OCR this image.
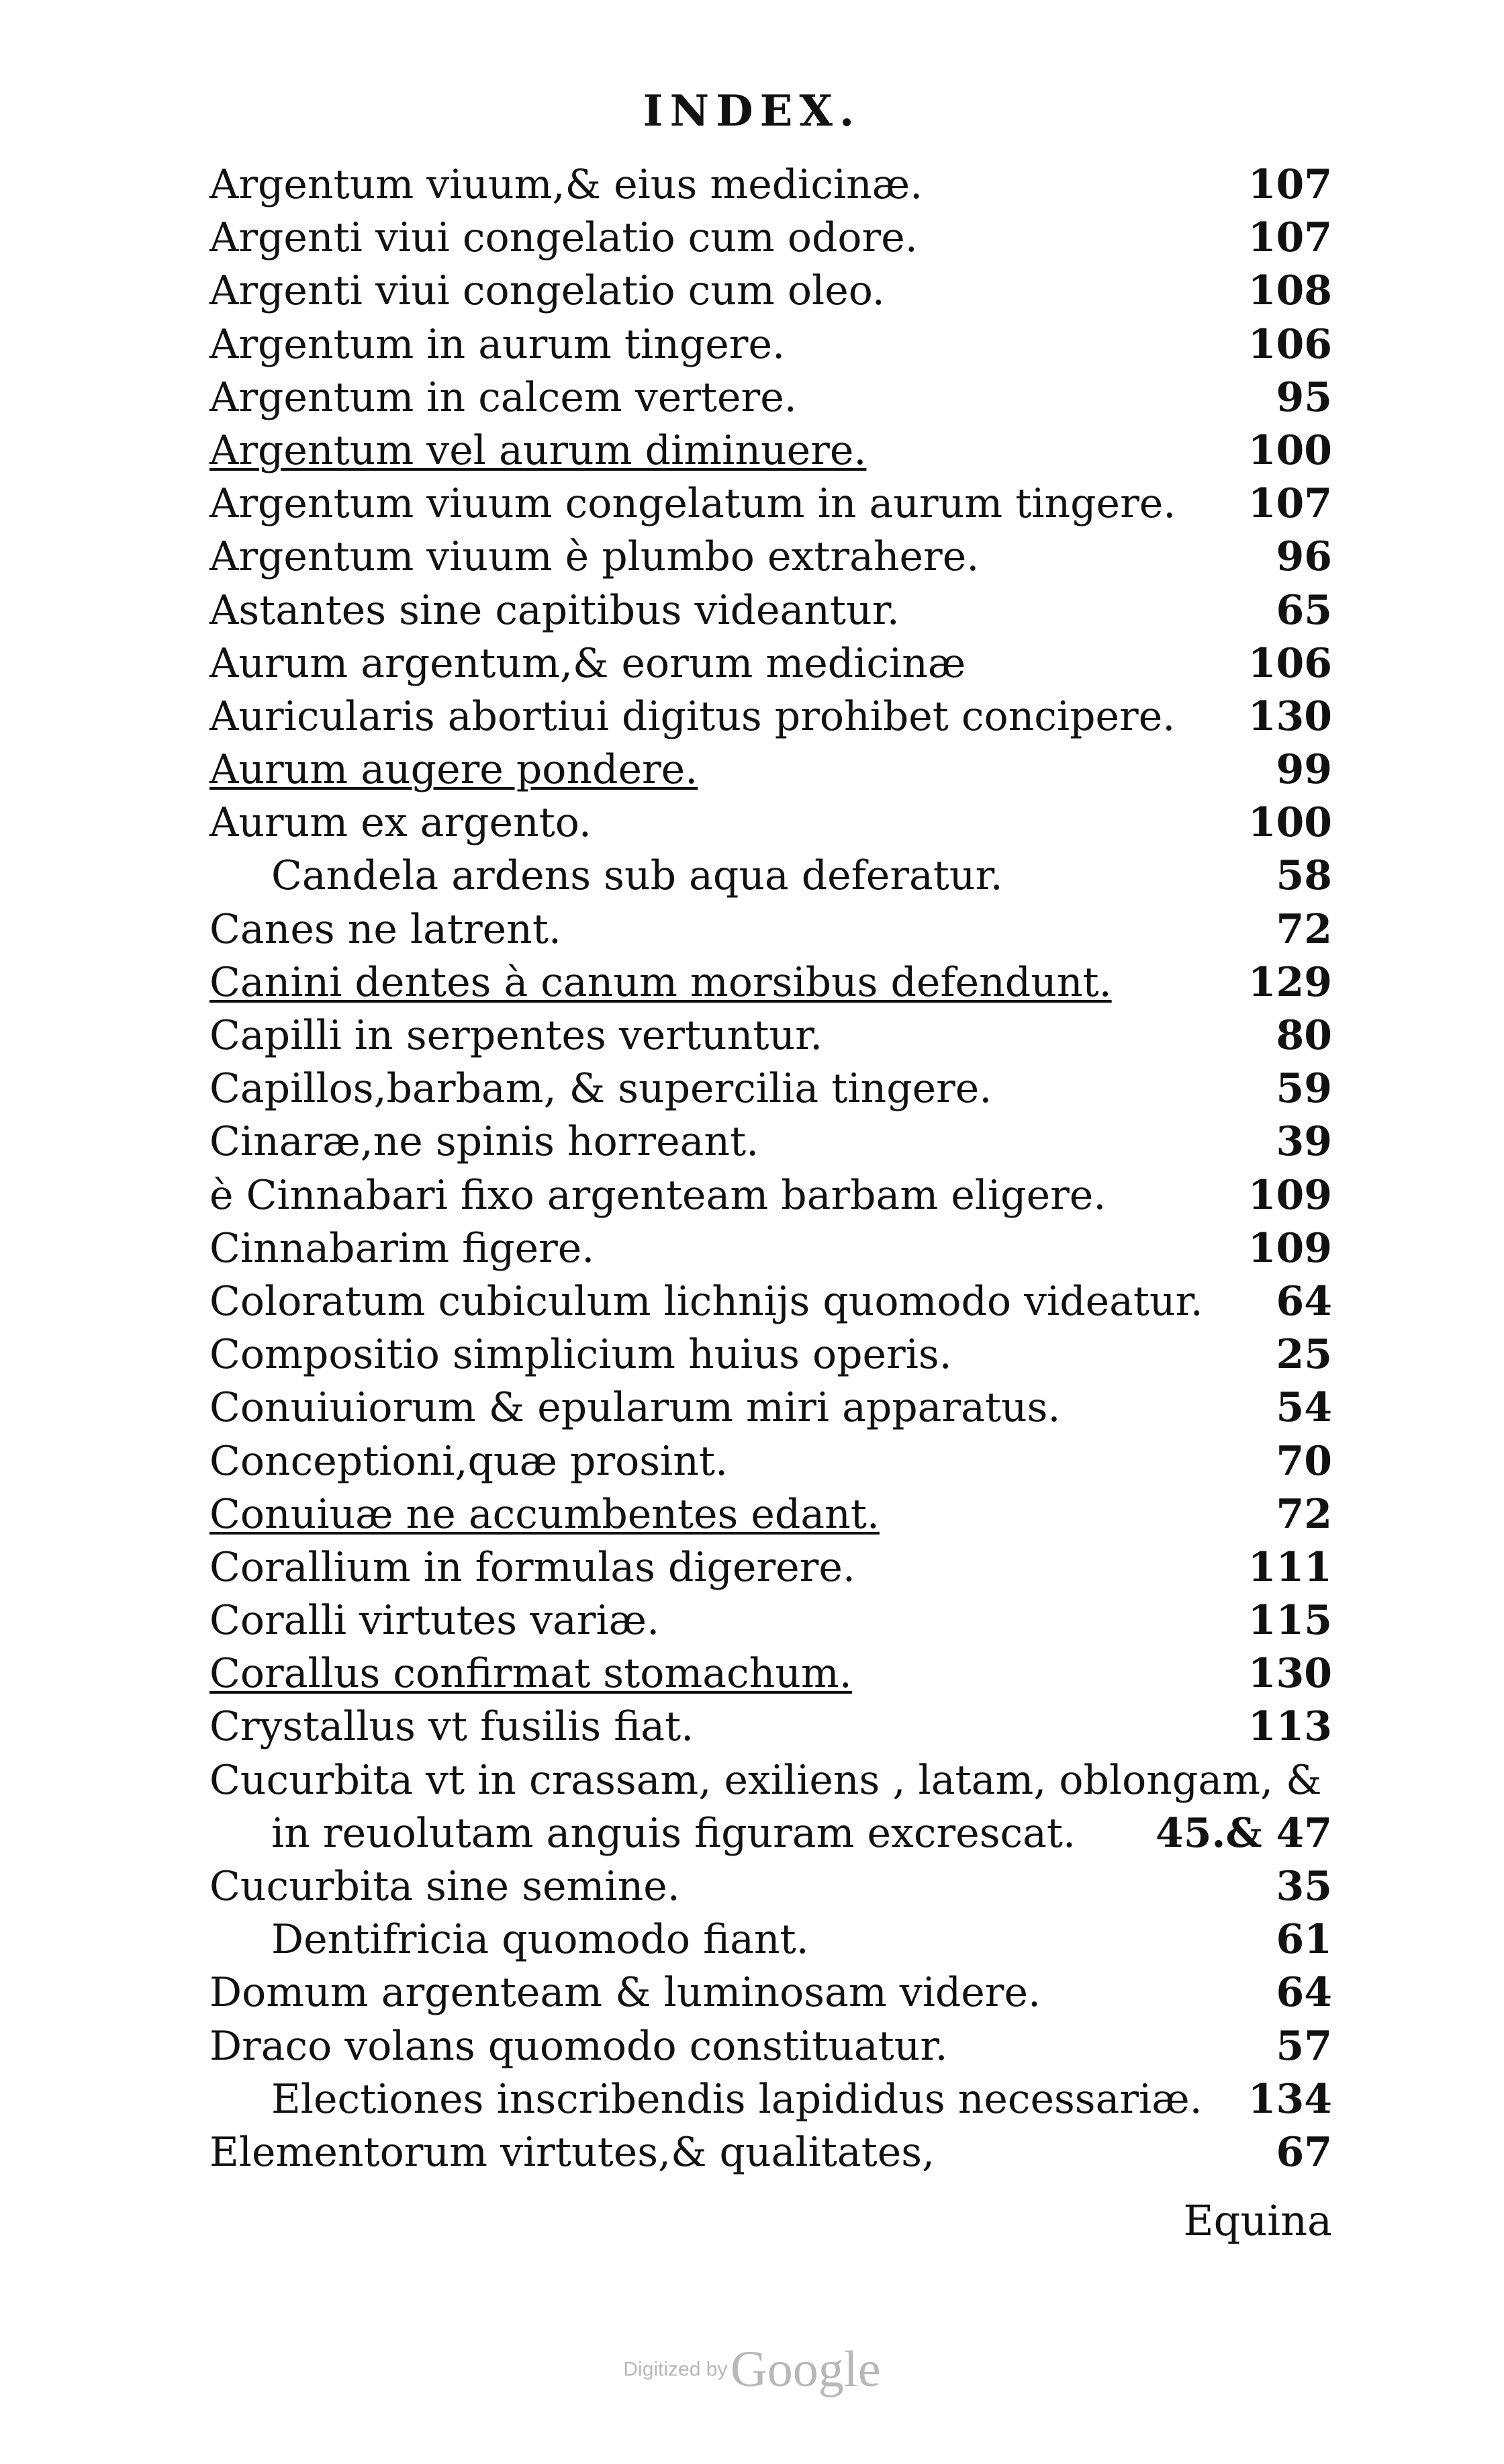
INDEX.
Argentum viuum,& eius medicinæ.	107
Argenti viui congelatio cum odore.	107
Argenti viui congelatio cum oleo.	108
Argentum in aurum tingere.	106
Argentum in calcem vertere.	95
Argentum vel aurum diminuere.	100
Argentum viuum congelatum in aurum tingere. 107
Argentum viuum è plumbo extrahere.	96
Astantes sine capitibus videantur.	65
Aurum argentum,& eorum medicinæ	106
Auricularis abortiui digitus prohibet concipere. 130
Aurum augere pondere.	99
Aurum ex argento.	100
Candela ardens sub aqua deferatur.	58
Canes ne latrent.	72
Canini dentes à canum morsibus defendunt.	129
Capilli in serpentes vertuntur.	80
Capillos,barbam, & supercilia tingere.	59
Cinaræ,ne spinis horreant.	39
è Cinnabari fixo argenteam barbam eligere.	109
Cinnabarim figere.	109
Coloratum cubiculum lichnijs quomodo videatur. 64
Compositio simplicium huius operis.	25
Conuiuiorum & epularum miri apparatus.	54
Conceptioni,quæ prosint.	70
Conuiuæ ne accumbentes edant.	72
Corallium in formulas digerere.	111
Coralli virtutes variæ.	115
Corallus confirmat stomachum.	130
Crystallus vt fusilis fiat.	113
Cucurbita vt in crassam, exiliens , latam, oblongam, &
in reuolutam anguis figuram excrescat. 45.& 47
Cucurbita sine semine.	35
Dentifricia quomodo fiant.	61
Domum argenteam & luminosam videre.	64
Draco volans quomodo constituatur.	57
Electiones inscribendis lapididus necessariæ. 134
Elementorum virtutes,& qualitates,	67
Equina
Digitized by Google
